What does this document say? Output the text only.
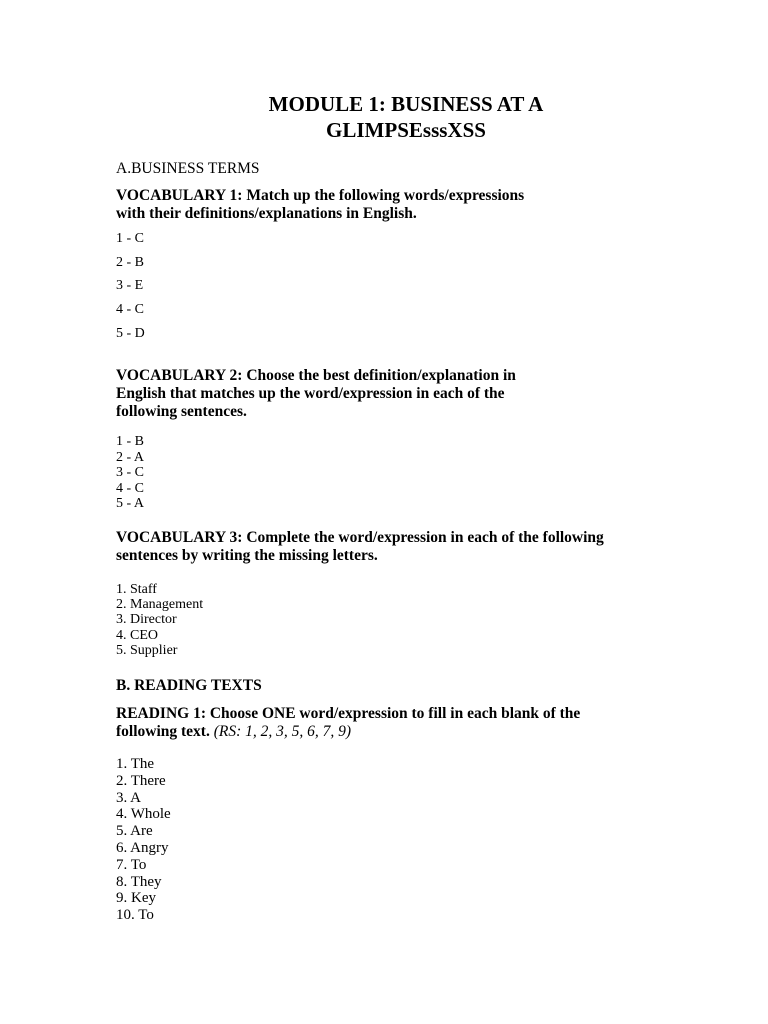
MODULE 1: BUSINESS AT A
GLIMPSEsssXSS
A.BUSINESS TERMS
VOCABULARY 1: Match up the following words/expressions
with their definitions/explanations in English.
1 - C
2 - B
3 - E
4 - C
5 - D
VOCABULARY 2: Choose the best definition/explanation in
English that matches up the word/expression in each of the
following sentences.
1 - B
2 - A
3 - C
4 - C
5 - A
VOCABULARY 3: Complete the word/expression in each of the following
sentences by writing the missing letters.
1. Staff
2. Management
3. Director
4. CEO
5. Supplier
B. READING TEXTS
READING 1: Choose ONE word/expression to fill in each blank of the
following text. (RS: 1, 2, 3, 5, 6, 7, 9)
1. The
2. There
3. A
4. Whole
5. Are
6. Angry
7. To
8. They
9. Key
10. To
